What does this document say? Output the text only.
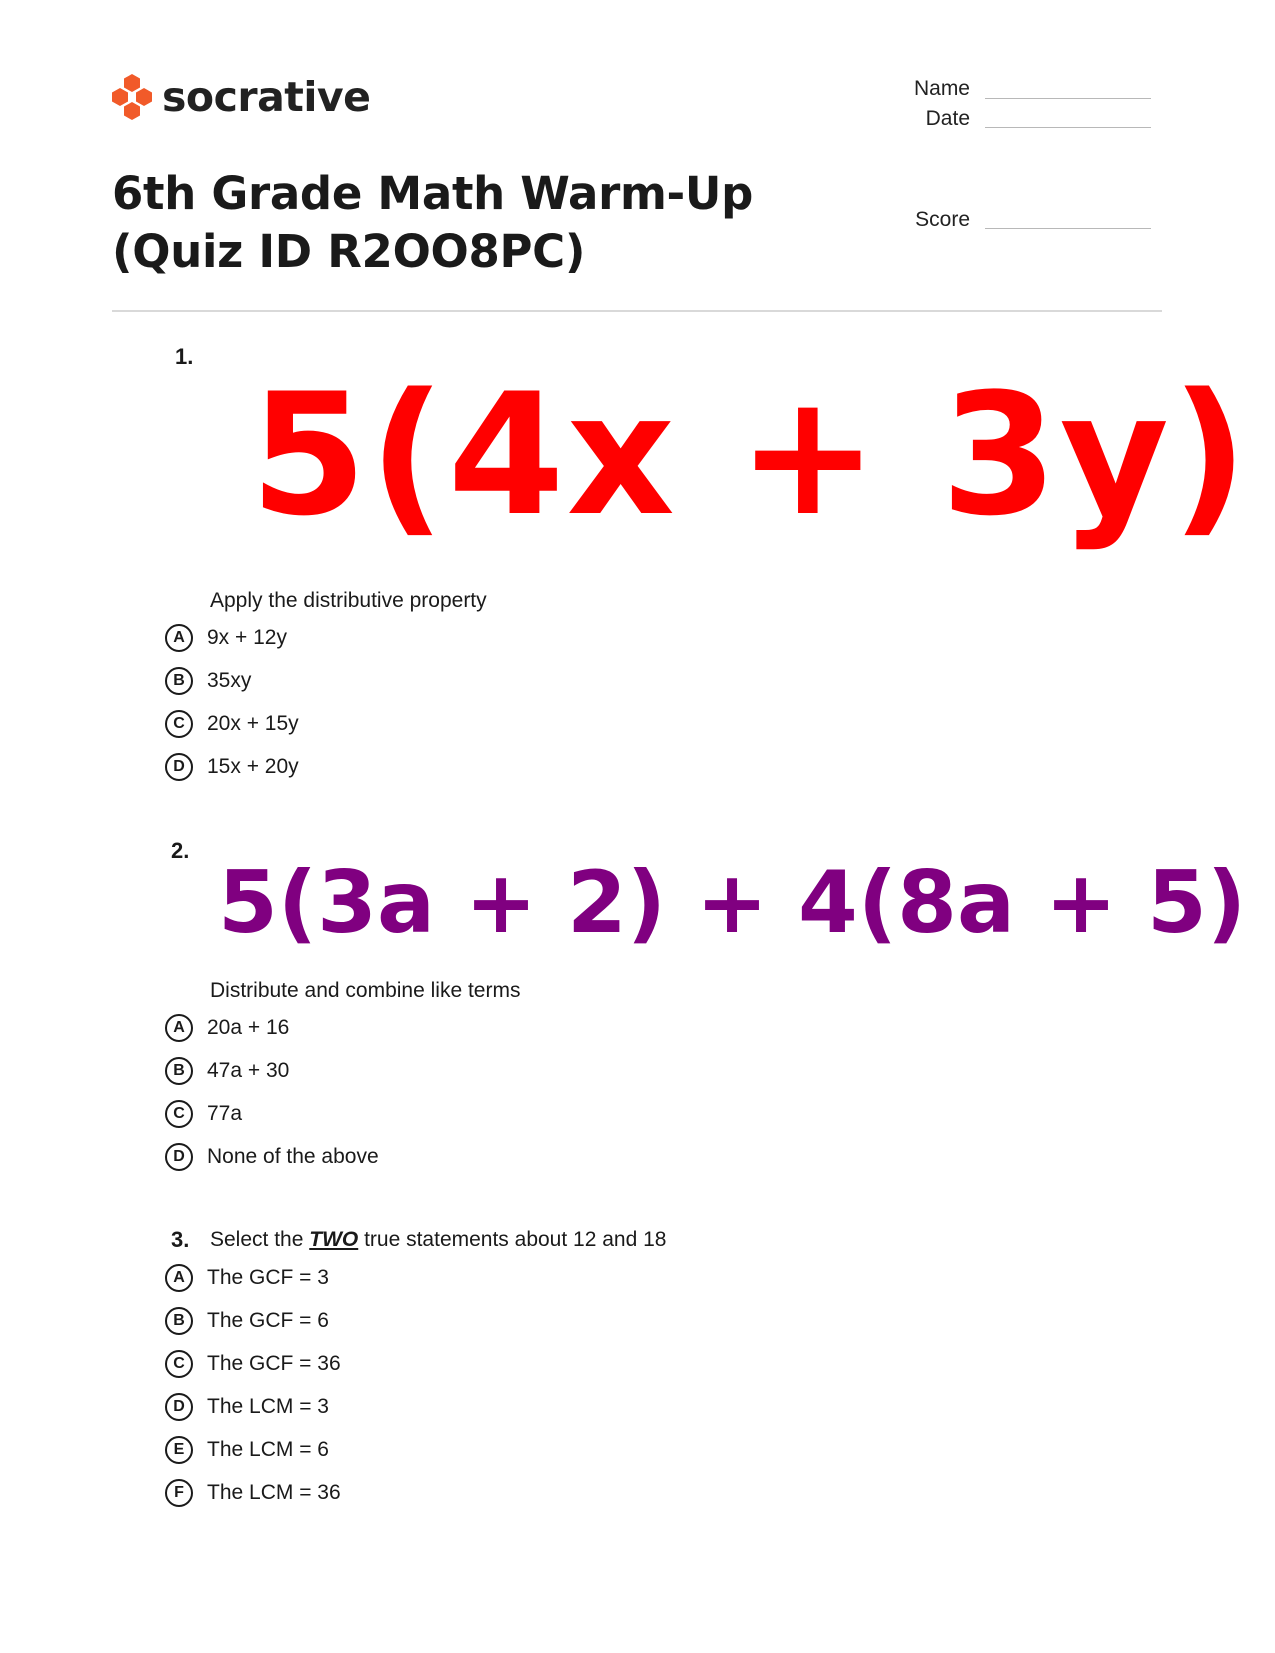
socrative
6th Grade Math Warm-Up (Quiz ID R2OO8PC)
Name
Date
Score
1.
5(4x + 3y)
Apply the distributive property
A	9x + 12y
B	35xy
C	20x + 15y
D	15x + 20y
2.
5(3a + 2) + 4(8a + 5)
Distribute and combine like terms
A	20a + 16
B	47a + 30
C	77a
D	None of the above
3. Select the TWO true statements about 12 and 18
A	The GCF = 3
B	The GCF = 6
C	The GCF = 36
D	The LCM = 3
E	The LCM = 6
F	The LCM = 36
